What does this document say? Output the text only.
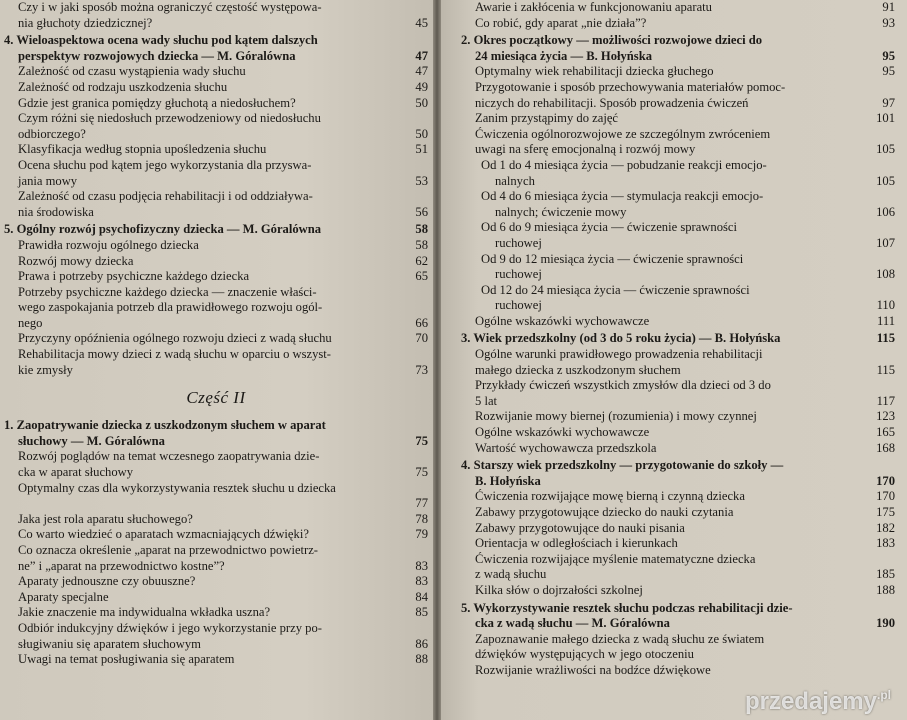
Czy i w jaki sposób można ograniczyć częstość występowa-
nia głuchoty dziedzicznej?	45
4. Wieloaspektowa ocena wady słuchu pod kątem dalszych
perspektyw rozwojowych dziecka — M. Góralówna	47
Zależność od czasu wystąpienia wady słuchu	47
Zależność od rodzaju uszkodzenia słuchu	49
Gdzie jest granica pomiędzy głuchotą a niedosłuchem?	50
Czym różni się niedosłuch przewodzeniowy od niedosłuchu
odbiorczego?	50
Klasyfikacja według stopnia upośledzenia słuchu	51
Ocena słuchu pod kątem jego wykorzystania dla przyswa-
jania mowy	53
Zależność od czasu podjęcia rehabilitacji i od oddziaływa-
nia środowiska	56
5. Ogólny rozwój psychofizyczny dziecka — M. Góralówna	58
Prawidła rozwoju ogólnego dziecka	58
Rozwój mowy dziecka	62
Prawa i potrzeby psychiczne każdego dziecka	65
Potrzeby psychiczne każdego dziecka — znaczenie właści-
wego zaspokajania potrzeb dla prawidłowego rozwoju ogól-
nego	66
Przyczyny opóźnienia ogólnego rozwoju dzieci z wadą słuchu	70
Rehabilitacja mowy dzieci z wadą słuchu w oparciu o wszyst-
kie zmysły	73
Część II
1. Zaopatrywanie dziecka z uszkodzonym słuchem w aparat
słuchowy — M. Góralówna	75
Rozwój poglądów na temat wczesnego zaopatrywania dzie-
cka w aparat słuchowy	75
Optymalny czas dla wykorzystywania resztek słuchu u dziecka
77
Jaka jest rola aparatu słuchowego?	78
Co warto wiedzieć o aparatach wzmacniających dźwięki?	79
Co oznacza określenie „aparat na przewodnictwo powietrz-
ne” i „aparat na przewodnictwo kostne”?	83
Aparaty jednouszne czy obuuszne?	83
Aparaty specjalne	84
Jakie znaczenie ma indywidualna wkładka uszna?	85
Odbiór indukcyjny dźwięków i jego wykorzystanie przy po-
sługiwaniu się aparatem słuchowym	86
Uwagi na temat posługiwania się aparatem	88
Awarie i zakłócenia w funkcjonowaniu aparatu	91
Co robić, gdy aparat „nie działa”?	93
2. Okres początkowy — możliwości rozwojowe dzieci do
24 miesiąca życia — B. Hołyńska	95
Optymalny wiek rehabilitacji dziecka głuchego	95
Przygotowanie i sposób przechowywania materiałów pomoc-
niczych do rehabilitacji. Sposób prowadzenia ćwiczeń	97
Zanim przystąpimy do zajęć	101
Ćwiczenia ogólnorozwojowe ze szczególnym zwróceniem
uwagi na sferę emocjonalną i rozwój mowy	105
Od 1 do 4 miesiąca życia — pobudzanie reakcji emocjo-
nalnych	105
Od 4 do 6 miesiąca życia — stymulacja reakcji emocjo-
nalnych; ćwiczenie mowy	106
Od 6 do 9 miesiąca życia — ćwiczenie sprawności
ruchowej	107
Od 9 do 12 miesiąca życia — ćwiczenie sprawności
ruchowej	108
Od 12 do 24 miesiąca życia — ćwiczenie sprawności
ruchowej	110
Ogólne wskazówki wychowawcze	111
3. Wiek przedszkolny (od 3 do 5 roku życia) — B. Hołyńska	115
Ogólne warunki prawidłowego prowadzenia rehabilitacji
małego dziecka z uszkodzonym słuchem	115
Przykłady ćwiczeń wszystkich zmysłów dla dzieci od 3 do
5 lat	117
Rozwijanie mowy biernej (rozumienia) i mowy czynnej	123
Ogólne wskazówki wychowawcze	165
Wartość wychowawcza przedszkola	168
4. Starszy wiek przedszkolny — przygotowanie do szkoły —
B. Hołyńska	170
Ćwiczenia rozwijające mowę bierną i czynną dziecka	170
Zabawy przygotowujące dziecko do nauki czytania	175
Zabawy przygotowujące do nauki pisania	182
Orientacja w odległościach i kierunkach	183
Ćwiczenia rozwijające myślenie matematyczne dziecka
z wadą słuchu	185
Kilka słów o dojrzałości szkolnej	188
5. Wykorzystywanie resztek słuchu podczas rehabilitacji dzie-
cka z wadą słuchu — M. Góralówna	190
Zapoznawanie małego dziecka z wadą słuchu ze światem
dźwięków występujących w jego otoczeniu
Rozwijanie wrażliwości na bodźce dźwiękowe
przedajemy$^{.pl}$
